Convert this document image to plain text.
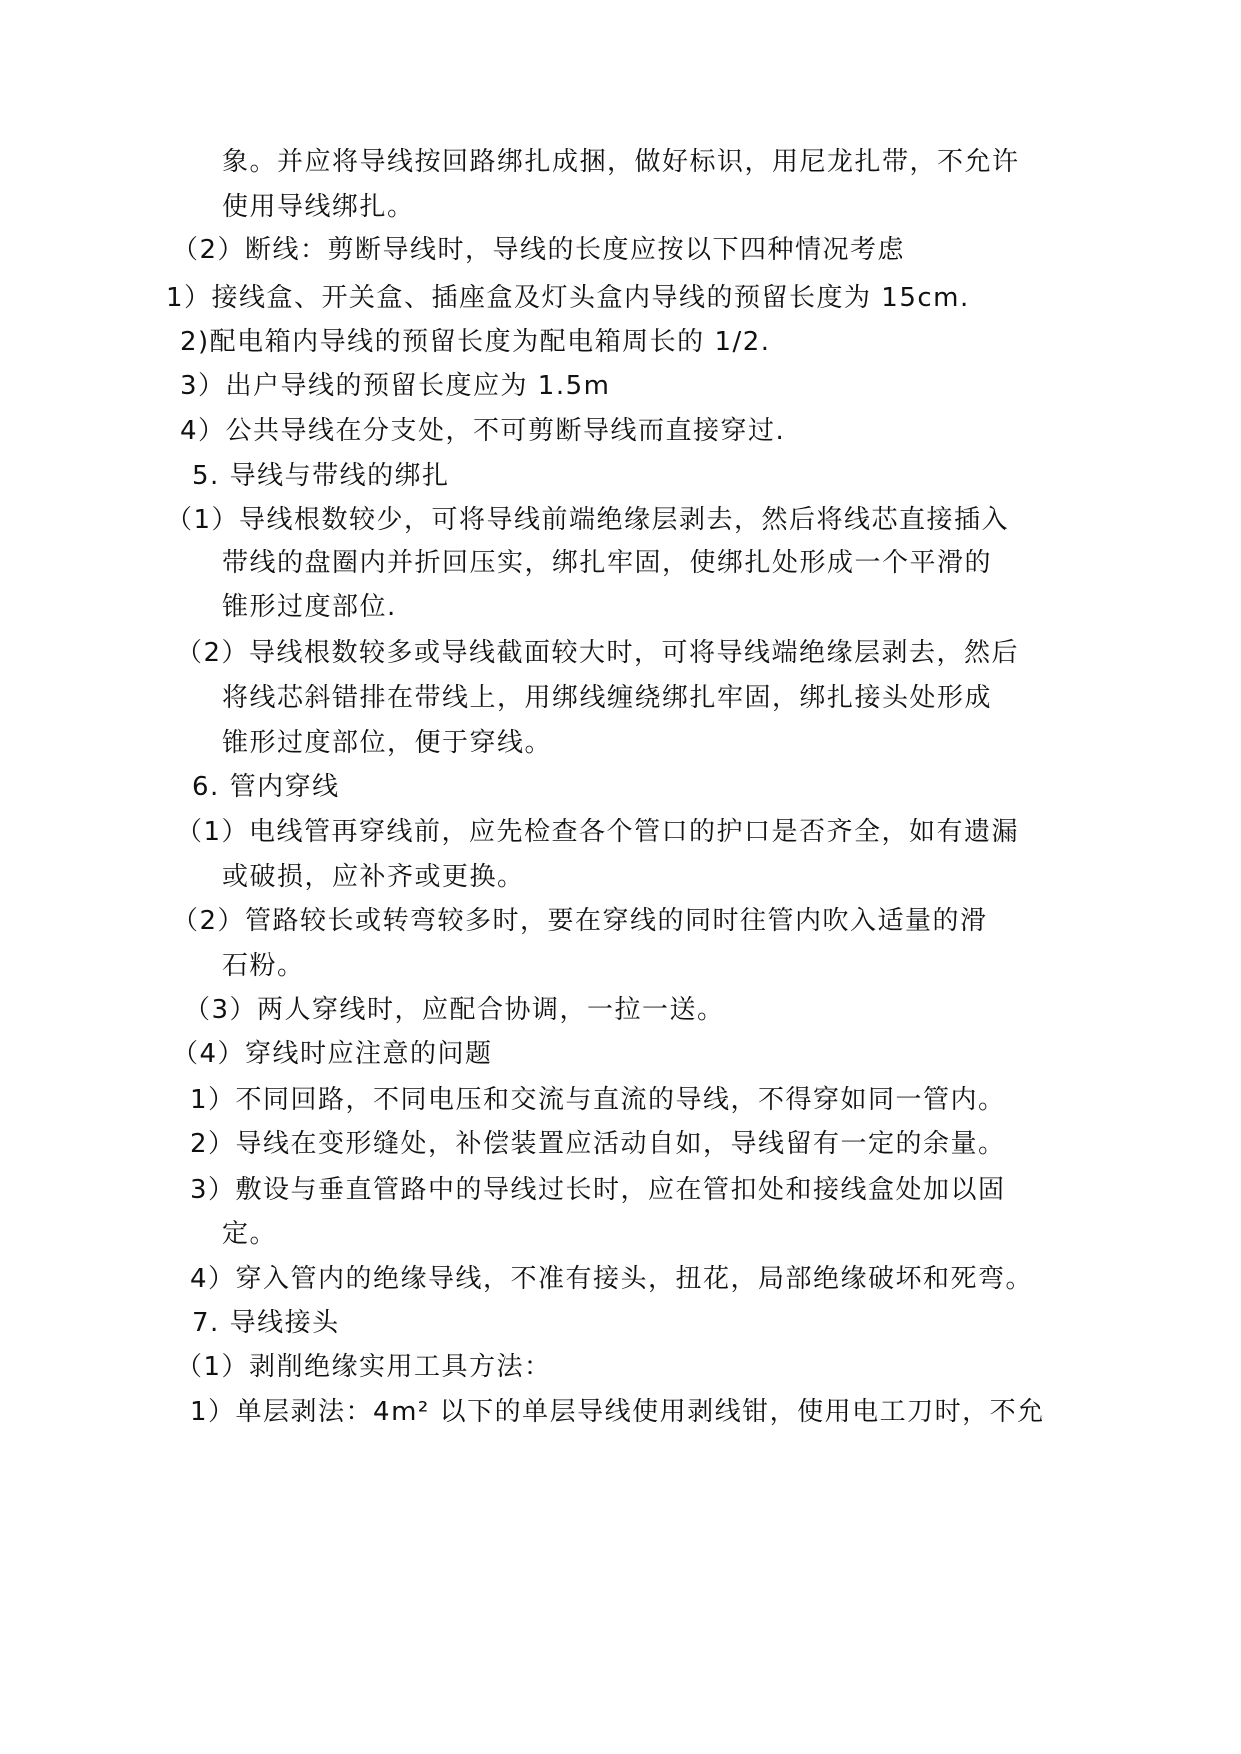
象。并应将导线按回路绑扎成捆，做好标识，用尼龙扎带，不允许
使用导线绑扎。
（2）断线：剪断导线时，导线的长度应按以下四种情况考虑
1）接线盒、开关盒、插座盒及灯头盒内导线的预留长度为 15cm.
2)配电箱内导线的预留长度为配电箱周长的 1/2.
3）出户导线的预留长度应为 1.5m
4）公共导线在分支处，不可剪断导线而直接穿过.
5. 导线与带线的绑扎
（1）导线根数较少，可将导线前端绝缘层剥去，然后将线芯直接插入
带线的盘圈内并折回压实，绑扎牢固，使绑扎处形成一个平滑的
锥形过度部位.
（2）导线根数较多或导线截面较大时，可将导线端绝缘层剥去，然后
将线芯斜错排在带线上，用绑线缠绕绑扎牢固，绑扎接头处形成
锥形过度部位，便于穿线。
6. 管内穿线
（1）电线管再穿线前，应先检查各个管口的护口是否齐全，如有遗漏
或破损，应补齐或更换。
（2）管路较长或转弯较多时，要在穿线的同时往管内吹入适量的滑
石粉。
（3）两人穿线时，应配合协调，一拉一送。
（4）穿线时应注意的问题
1）不同回路，不同电压和交流与直流的导线，不得穿如同一管内。
2）导线在变形缝处，补偿装置应活动自如，导线留有一定的余量。
3）敷设与垂直管路中的导线过长时，应在管扣处和接线盒处加以固
定。
4）穿入管内的绝缘导线，不准有接头，扭花，局部绝缘破坏和死弯。
7. 导线接头
（1）剥削绝缘实用工具方法：
1）单层剥法：4m² 以下的单层导线使用剥线钳，使用电工刀时，不允
